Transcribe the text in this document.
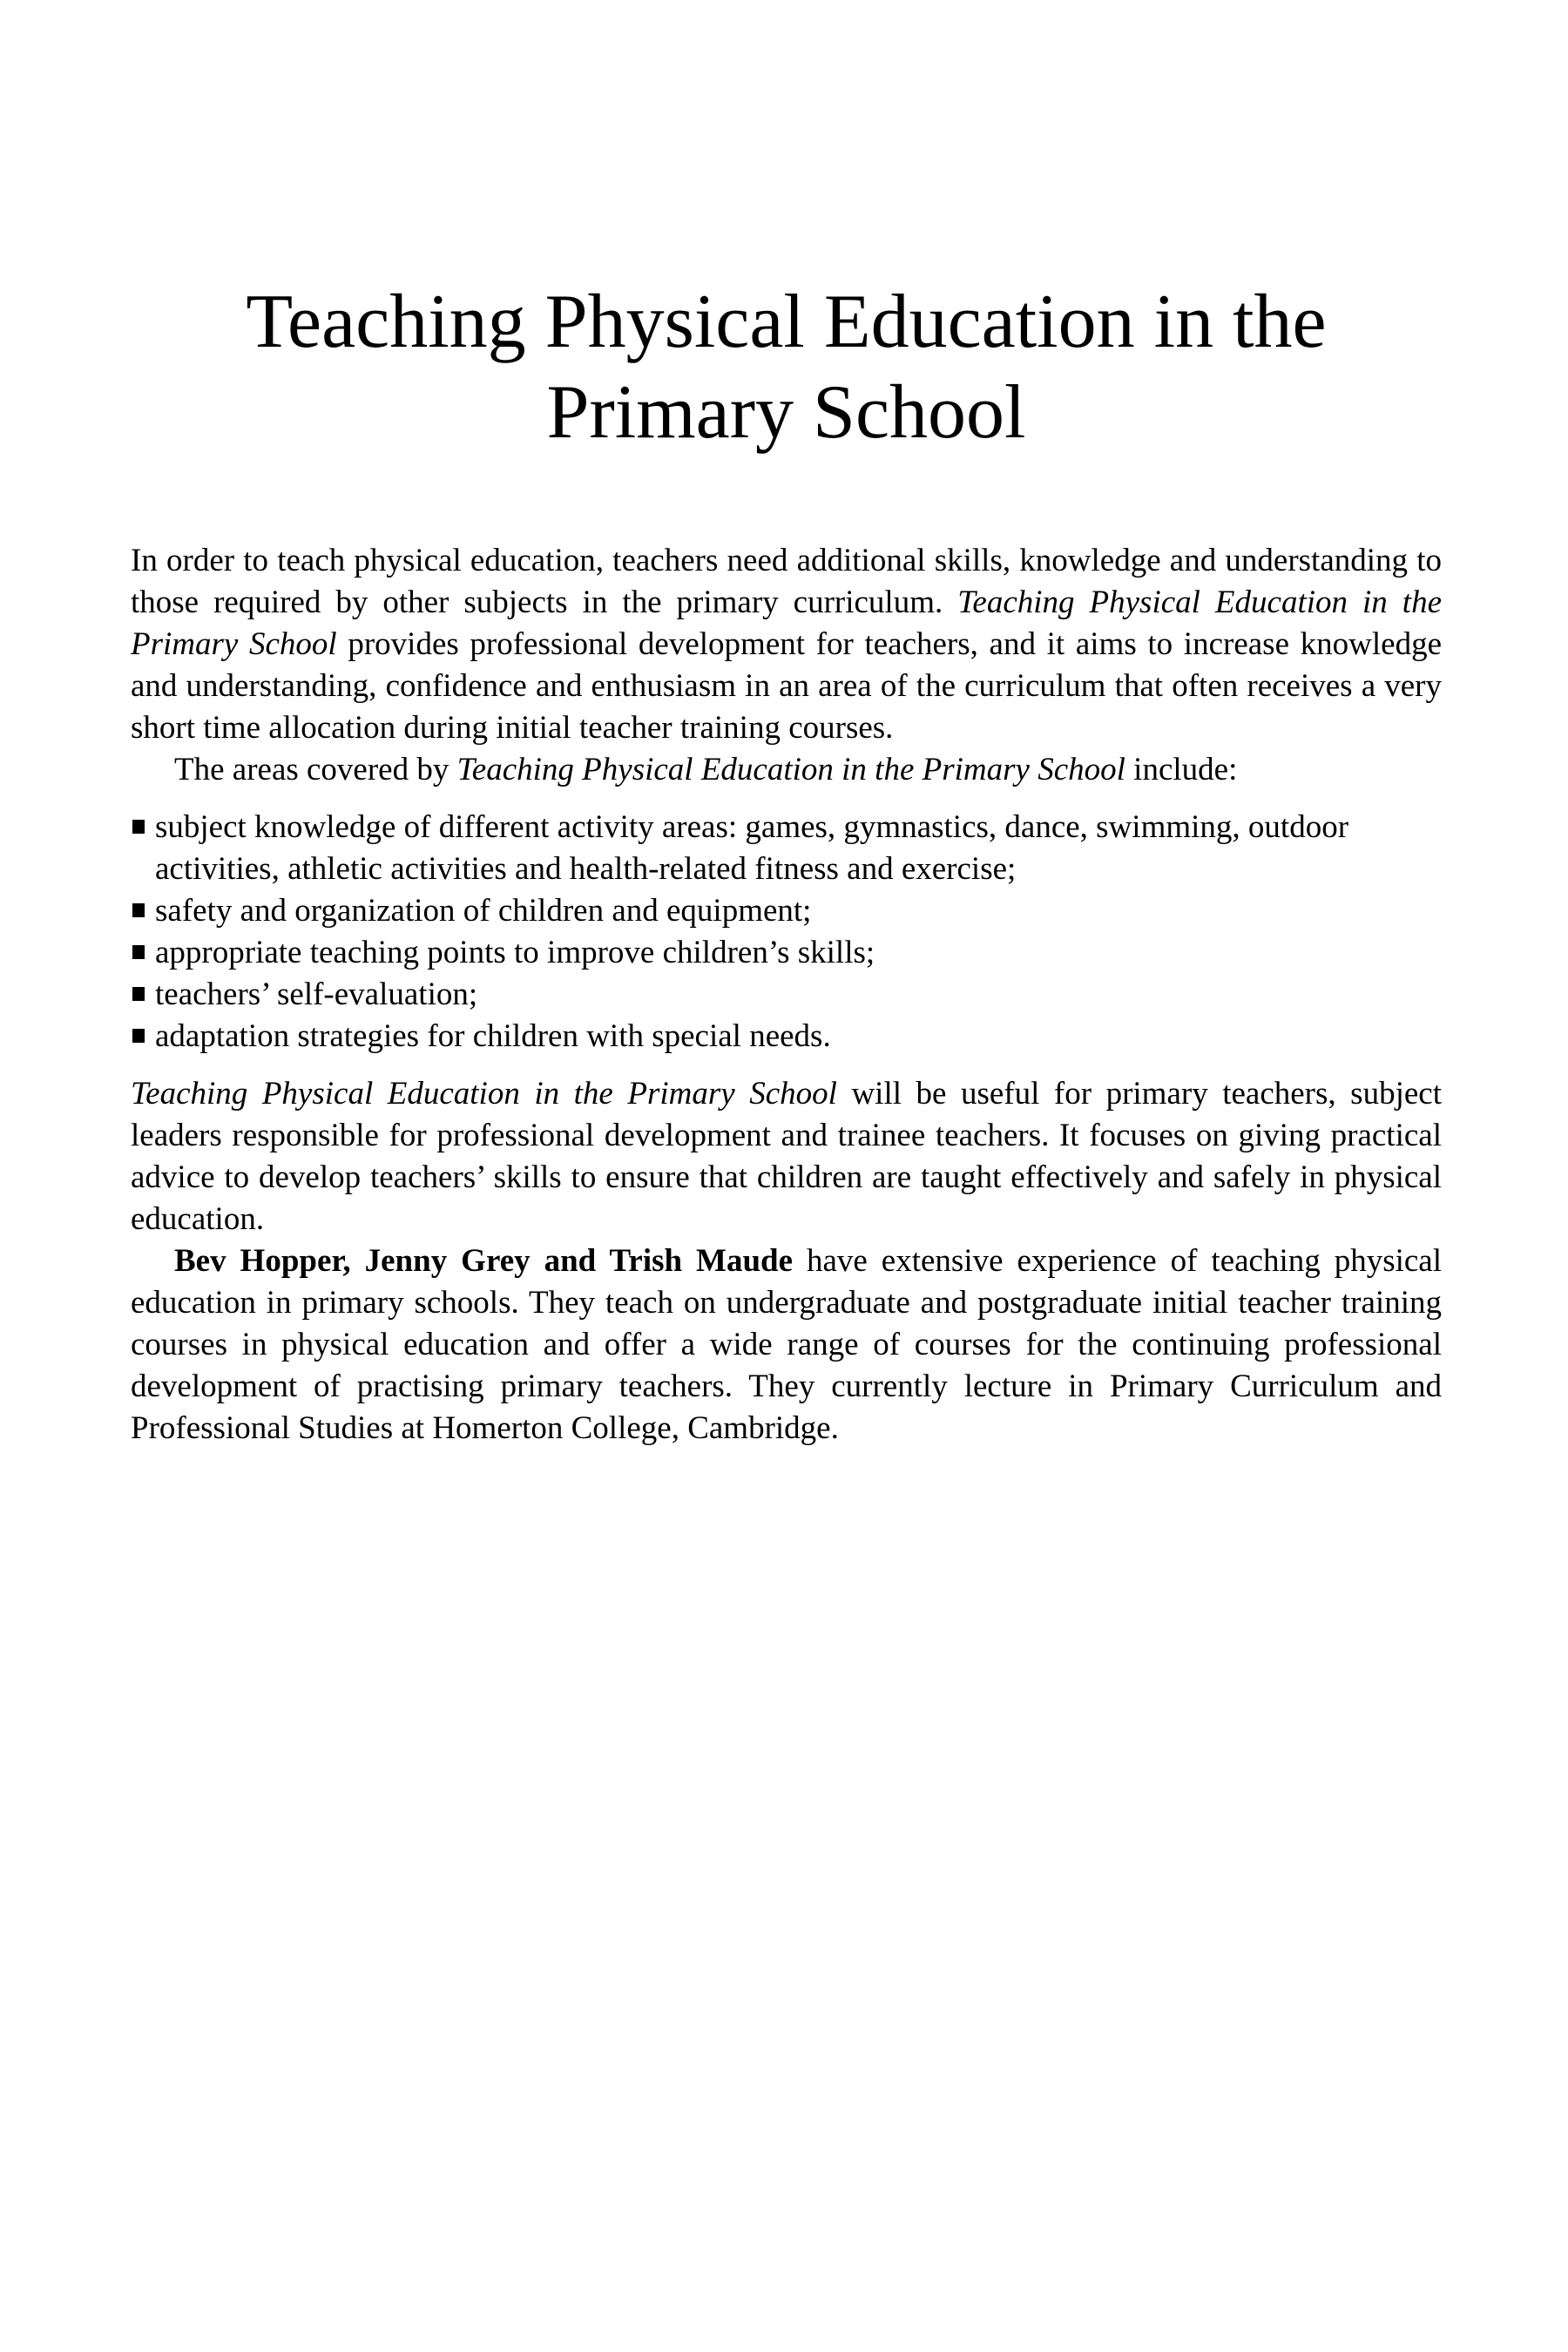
Teaching Physical Education in the
Primary School

In order to teach physical education, teachers need additional skills, knowledge and understanding to those required by other subjects in the primary curriculum. Teaching Physical Education in the Primary School provides professional development for teachers, and it aims to increase knowledge and understanding, confidence and enthusiasm in an area of the curriculum that often receives a very short time allocation during initial teacher training courses.

The areas covered by Teaching Physical Education in the Primary School include:

subject knowledge of different activity areas: games, gymnastics, dance, swimming, outdoor activities, athletic activities and health-related fitness and exercise;
safety and organization of children and equipment;
appropriate teaching points to improve children’s skills;
teachers’ self-evaluation;
adaptation strategies for children with special needs.

Teaching Physical Education in the Primary School will be useful for primary teachers, subject leaders responsible for professional development and trainee teachers. It focuses on giving practical advice to develop teachers’ skills to ensure that children are taught effectively and safely in physical education.

Bev Hopper, Jenny Grey and Trish Maude have extensive experience of teaching physical education in primary schools. They teach on undergraduate and postgraduate initial teacher training courses in physical education and offer a wide range of courses for the continuing professional development of practising primary teachers. They currently lecture in Primary Curriculum and Professional Studies at Homerton College, Cambridge.
